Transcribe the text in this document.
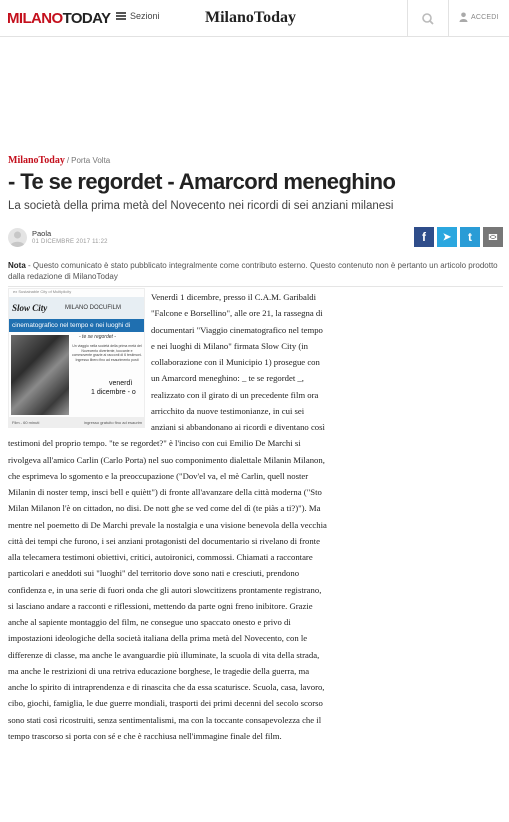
MILANOTODAY Sezioni	MilanoToday	ACCEDI
MilanoToday / Porta Volta
- Te se regordet - Amarcord meneghino
La società della prima metà del Novecento nei ricordi di sei anziani milanesi
Paola
01 DICEMBRE 2017 11:22	f ➤ t ✉

Nota - Questo comunicato è stato pubblicato integralmente come contributo esterno. Questo contenuto non è pertanto un articolo prodotto dalla redazione di MilanoToday

ex Sustainable City of Multiplicity
Slow City	MILANO DOCUFILM
cinematografico nel tempo e nei luoghi di
- te se regordet -
Un viaggio nella società della prima metà del Novecento divertente, toccante e commovente grazie ai racconti di 6 testimoni. Ingresso libero fino ad esaurimento posti
venerdì
1 dicembre - o
Film - 60 minuti	ingresso gratuito fino ad esaurim
Venerdì 1 dicembre, presso il C.A.M. Garibaldi "Falcone e Borsellino", alle ore 21, la rassegna di documentari "Viaggio cinematografico nel tempo e nei luoghi di Milano" firmata Slow City (in collaborazione con il Municipio 1) prosegue con un Amarcord meneghino: _ te se regordet _, realizzato con il girato di un precedente film ora arricchito da nuove testimonianze, in cui sei anziani si abbandonano ai ricordi e diventano così testimoni del proprio tempo. "te se regordet?" è l'inciso con cui Emilio De Marchi si rivolgeva all'amico Carlin (Carlo Porta) nel suo componimento dialettale Milanin Milanon, che esprimeva lo sgomento e la preoccupazione ("Dov'el va, el mè Carlin, quell noster Milanin di noster temp, insci bell e quiètt") di fronte all'avanzare della città moderna ("Sto Milan Milanon l'è on cittadon, no disi. De nott ghe se ved come del dì (te piàs a ti?)"). Ma mentre nel poemetto di De Marchi prevale la nostalgia e una visione benevola della vecchia città dei tempi che furono, i sei anziani protagonisti del documentario si rivelano di fronte alla telecamera testimoni obiettivi, critici, autoironici, commossi. Chiamati a raccontare particolari e aneddoti sui "luoghi" del territorio dove sono nati e cresciuti, prendono confidenza e, in una serie di fuori onda che gli autori slowcitizens prontamente registrano, si lasciano andare a racconti e riflessioni, mettendo da parte ogni freno inibitore. Grazie anche al sapiente montaggio del film, ne consegue uno spaccato onesto e privo di impostazioni ideologiche della società italiana della prima metà del Novecento, con le differenze di classe, ma anche le avanguardie più illuminate, la scuola di vita della strada, ma anche le restrizioni di una retriva educazione borghese, le tragedie della guerra, ma anche lo spirito di intraprendenza e di rinascita che da essa scaturisce. Scuola, casa, lavoro, cibo, giochi, famiglia, le due guerre mondiali, trasporti dei primi decenni del secolo scorso sono stati così ricostruiti, senza sentimentalismi, ma con la toccante consapevolezza che il tempo trascorso si porta con sé e che è racchiusa nell'immagine finale del film.
